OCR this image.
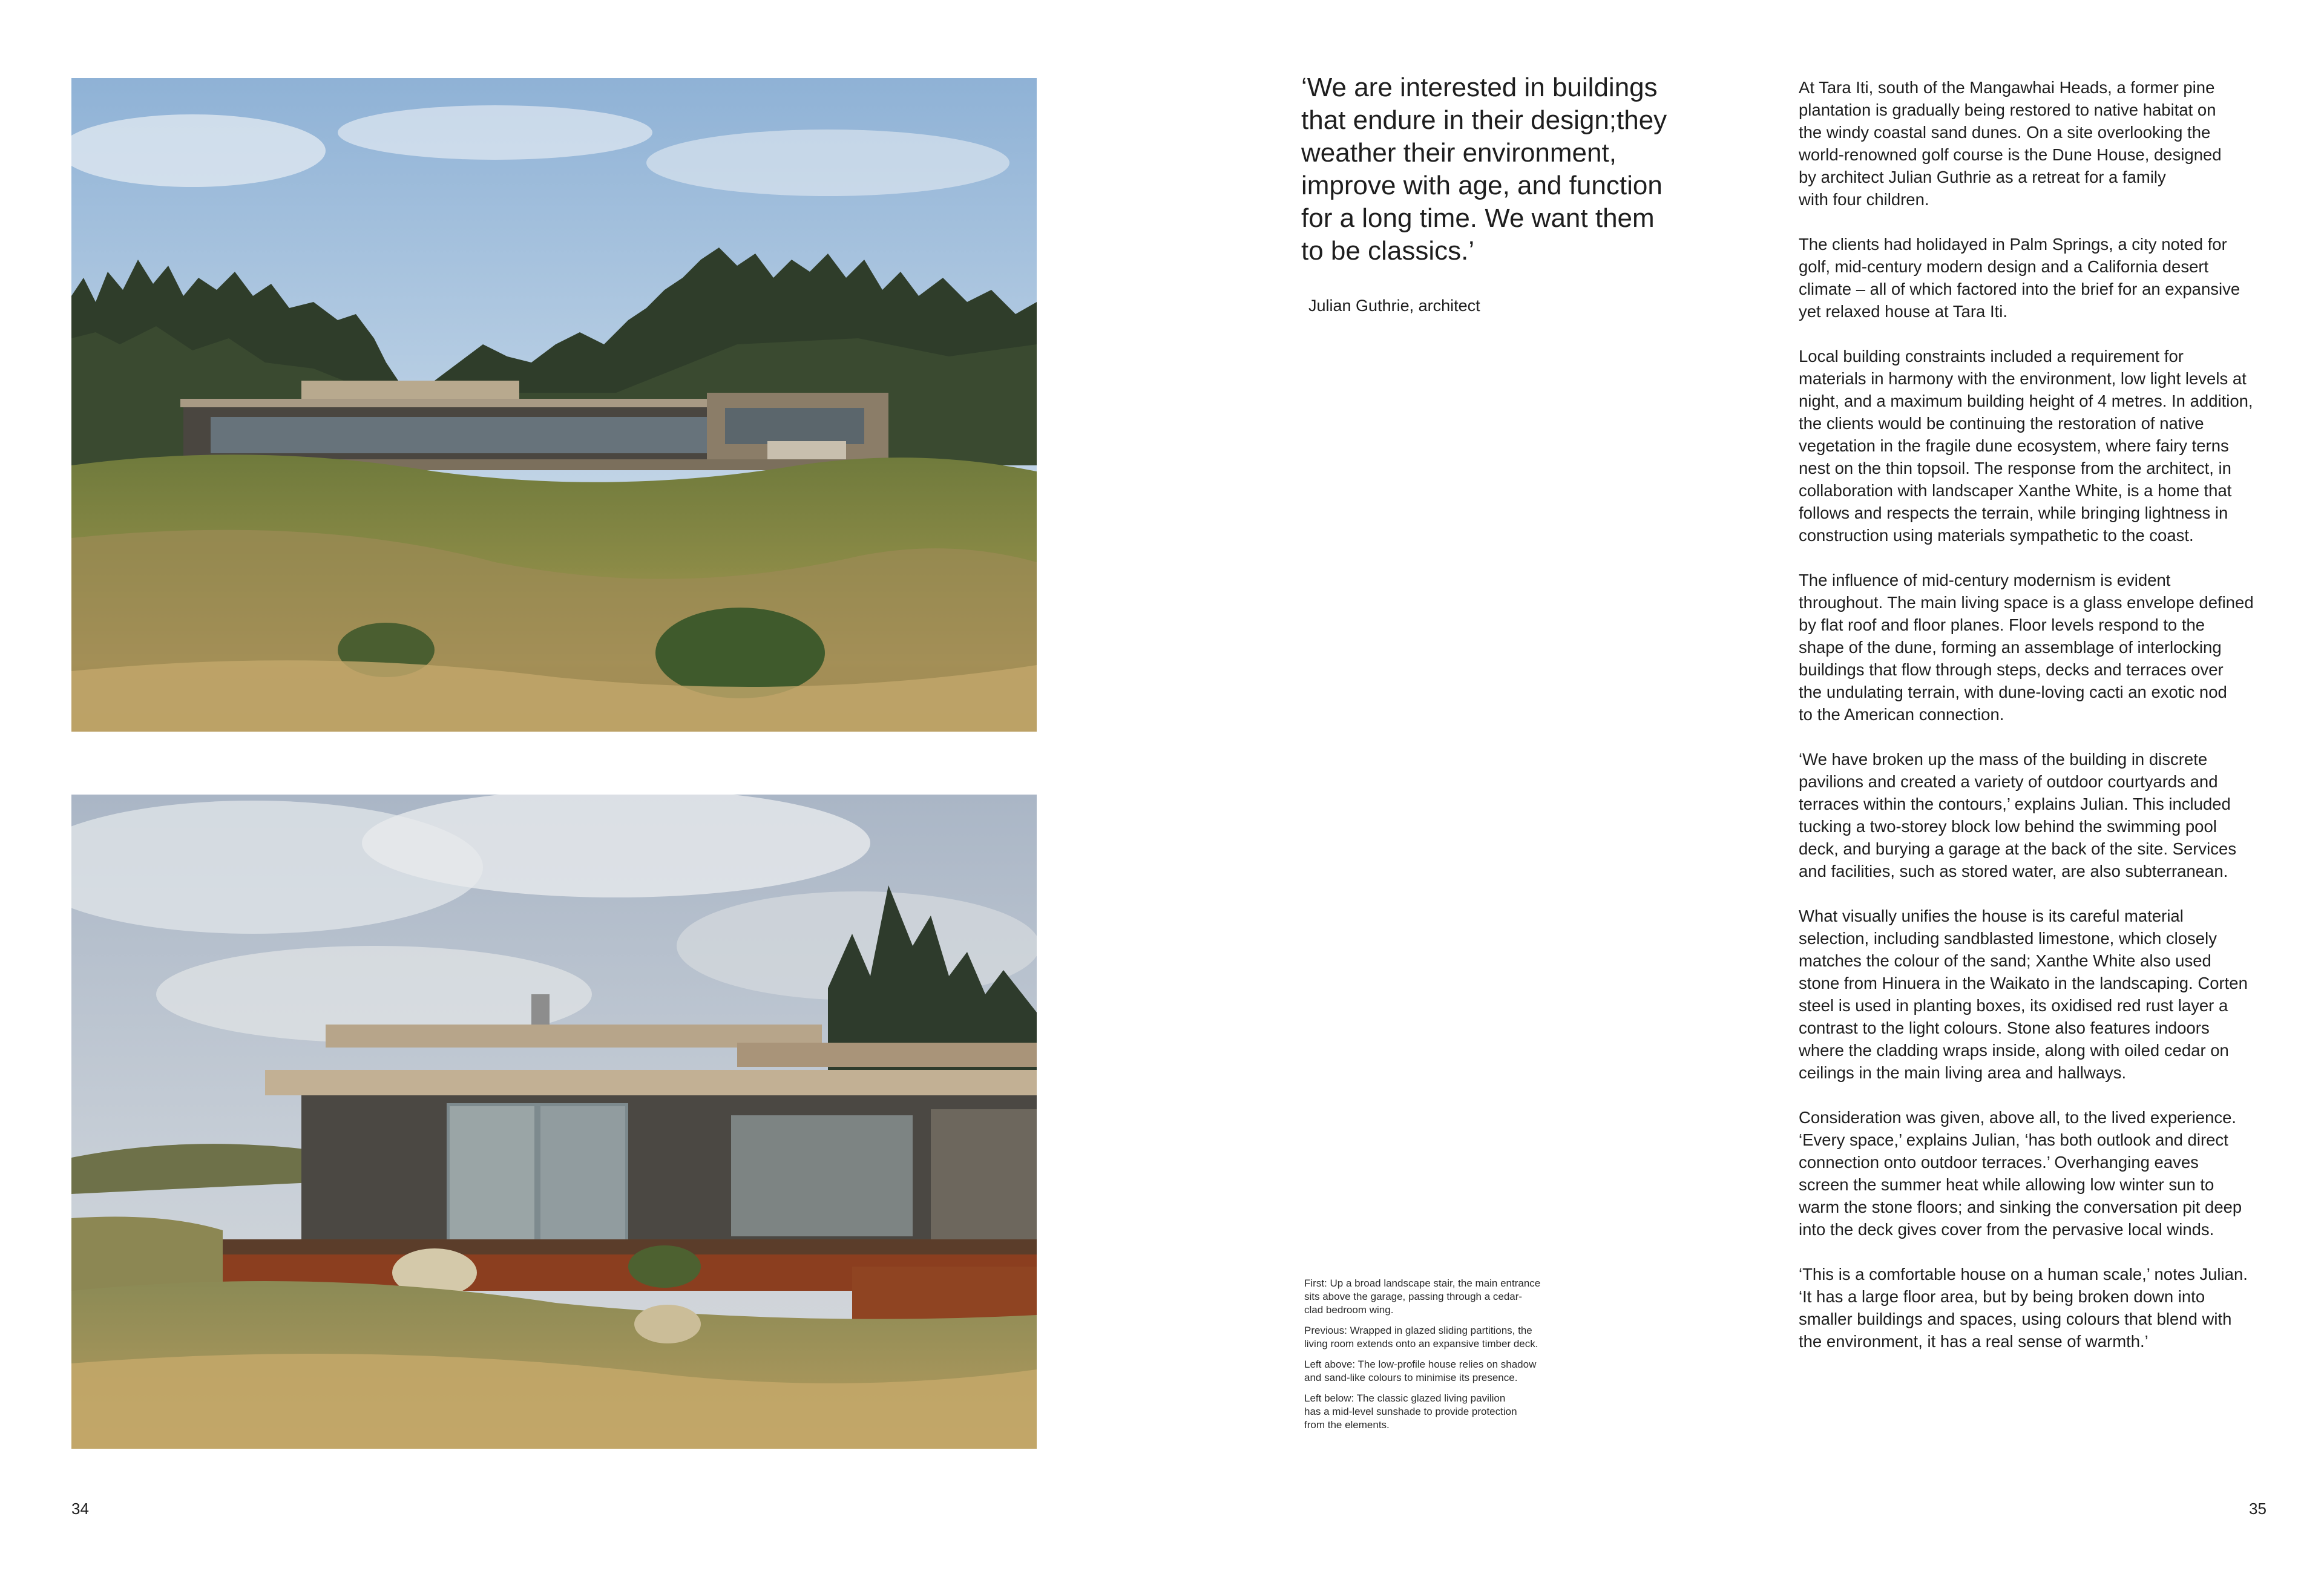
‘We are interested in buildings
that endure in their design;they
weather their environment,
improve with age, and function
for a long time. We want them
to be classics.’
Julian Guthrie, architect

At Tara Iti, south of the Mangawhai Heads, a former pine
plantation is gradually being restored to native habitat on
the windy coastal sand dunes. On a site overlooking the
world-renowned golf course is the Dune House, designed
by architect Julian Guthrie as a retreat for a family
with four children.

The clients had holidayed in Palm Springs, a city noted for
golf, mid-century modern design and a California desert
climate – all of which factored into the brief for an expansive
yet relaxed house at Tara Iti.

Local building constraints included a requirement for
materials in harmony with the environment, low light levels at
night, and a maximum building height of 4 metres. In addition,
the clients would be continuing the restoration of native
vegetation in the fragile dune ecosystem, where fairy terns
nest on the thin topsoil. The response from the architect, in
collaboration with landscaper Xanthe White, is a home that
follows and respects the terrain, while bringing lightness in
construction using materials sympathetic to the coast.

The influence of mid-century modernism is evident
throughout. The main living space is a glass envelope defined
by flat roof and floor planes. Floor levels respond to the
shape of the dune, forming an assemblage of interlocking
buildings that flow through steps, decks and terraces over
the undulating terrain, with dune-loving cacti an exotic nod
to the American connection.

‘We have broken up the mass of the building in discrete
pavilions and created a variety of outdoor courtyards and
terraces within the contours,’ explains Julian. This included
tucking a two-storey block low behind the swimming pool
deck, and burying a garage at the back of the site. Services
and facilities, such as stored water, are also subterranean.

What visually unifies the house is its careful material
selection, including sandblasted limestone, which closely
matches the colour of the sand; Xanthe White also used
stone from Hinuera in the Waikato in the landscaping. Corten
steel is used in planting boxes, its oxidised red rust layer a
contrast to the light colours. Stone also features indoors
where the cladding wraps inside, along with oiled cedar on
ceilings in the main living area and hallways.

Consideration was given, above all, to the lived experience.
‘Every space,’ explains Julian, ‘has both outlook and direct
connection onto outdoor terraces.’ Overhanging eaves
screen the summer heat while allowing low winter sun to
warm the stone floors; and sinking the conversation pit deep
into the deck gives cover from the pervasive local winds.

‘This is a comfortable house on a human scale,’ notes Julian.
‘It has a large floor area, but by being broken down into
smaller buildings and spaces, using colours that blend with
the environment, it has a real sense of warmth.’

First: Up a broad landscape stair, the main entrance
sits above the garage, passing through a cedar-
clad bedroom wing.

Previous: Wrapped in glazed sliding partitions, the
living room extends onto an expansive timber deck.

Left above: The low-profile house relies on shadow
and sand-like colours to minimise its presence.

Left below: The classic glazed living pavilion
has a mid-level sunshade to provide protection
from the elements.

34	35
